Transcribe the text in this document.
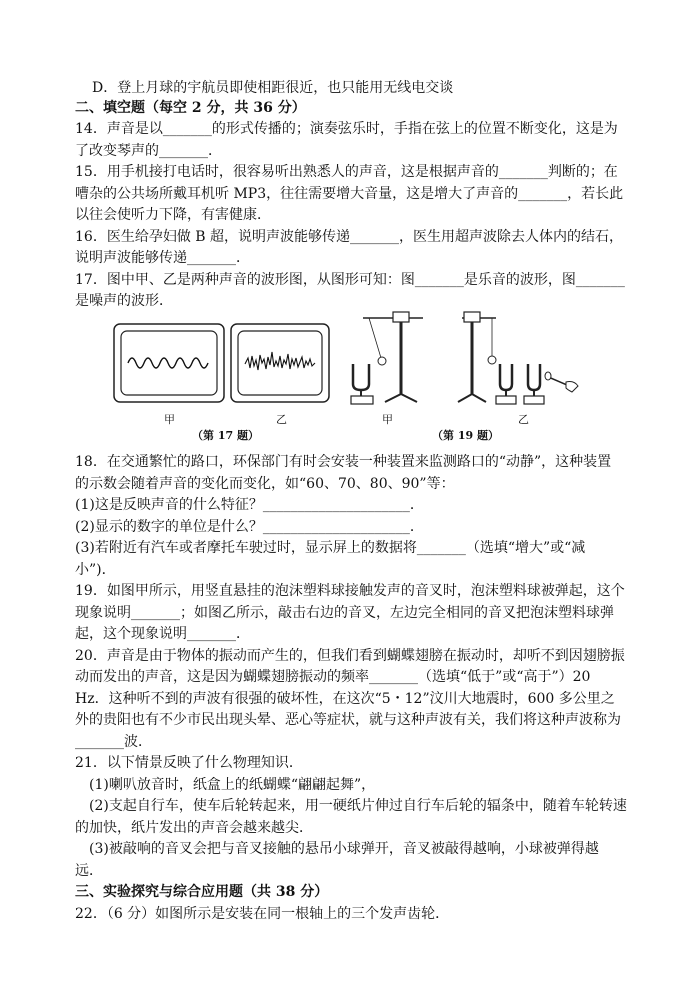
　D．登上月球的宇航员即使相距很近，也只能用无线电交谈
二、填空题（每空 2 分，共 36 分）
14．声音是以_______的形式传播的；演奏弦乐时，手指在弦上的位置不断变化，这是为
了改变琴声的_______．
15．用手机接打电话时，很容易听出熟悉人的声音，这是根据声音的_______判断的；在
嘈杂的公共场所戴耳机听 MP3，往往需要增大音量，这是增大了声音的_______，若长此
以往会使听力下降，有害健康．
16．医生给孕妇做 B 超，说明声波能够传递_______，医生用超声波除去人体内的结石，
说明声波能够传递_______．
17．图中甲、乙是两种声音的波形图，从图形可知：图_______是乐音的波形，图_______
是噪声的波形．
甲	乙	甲	乙
（第 17 题）	（第 19 题）
18．在交通繁忙的路口，环保部门有时会安装一种装置来监测路口的“动静”，这种装置
的示数会随着声音的变化而变化，如“60、70、80、90”等：
(1)这是反映声音的什么特征？_____________________．
(2)显示的数字的单位是什么？_____________________．
(3)若附近有汽车或者摩托车驶过时，显示屏上的数据将_______（选填“增大”或“减
小”)．
19．如图甲所示，用竖直悬挂的泡沫塑料球接触发声的音叉时，泡沫塑料球被弹起，这个
现象说明_______；如图乙所示，敲击右边的音叉，左边完全相同的音叉把泡沫塑料球弹
起，这个现象说明_______．
20．声音是由于物体的振动而产生的，但我们看到蝴蝶翅膀在振动时，却听不到因翅膀振
动而发出的声音，这是因为蝴蝶翅膀振动的频率_______（选填“低于”或“高于”）20
Hz．这种听不到的声波有很强的破坏性，在这次“5・12”汶川大地震时，600 多公里之
外的贵阳也有不少市民出现头晕、恶心等症状，就与这种声波有关，我们将这种声波称为
_______波．
21．以下情景反映了什么物理知识．
　(1)喇叭放音时，纸盒上的纸蝴蝶“翩翩起舞”，
　(2)支起自行车，使车后轮转起来，用一硬纸片伸过自行车后轮的辐条中，随着车轮转速
的加快，纸片发出的声音会越来越尖．
　(3)被敲响的音叉会把与音叉接触的悬吊小球弹开，音叉被敲得越响，小球被弹得越
远．
三、实验探究与综合应用题（共 38 分）
22．（6 分）如图所示是安装在同一根轴上的三个发声齿轮．
